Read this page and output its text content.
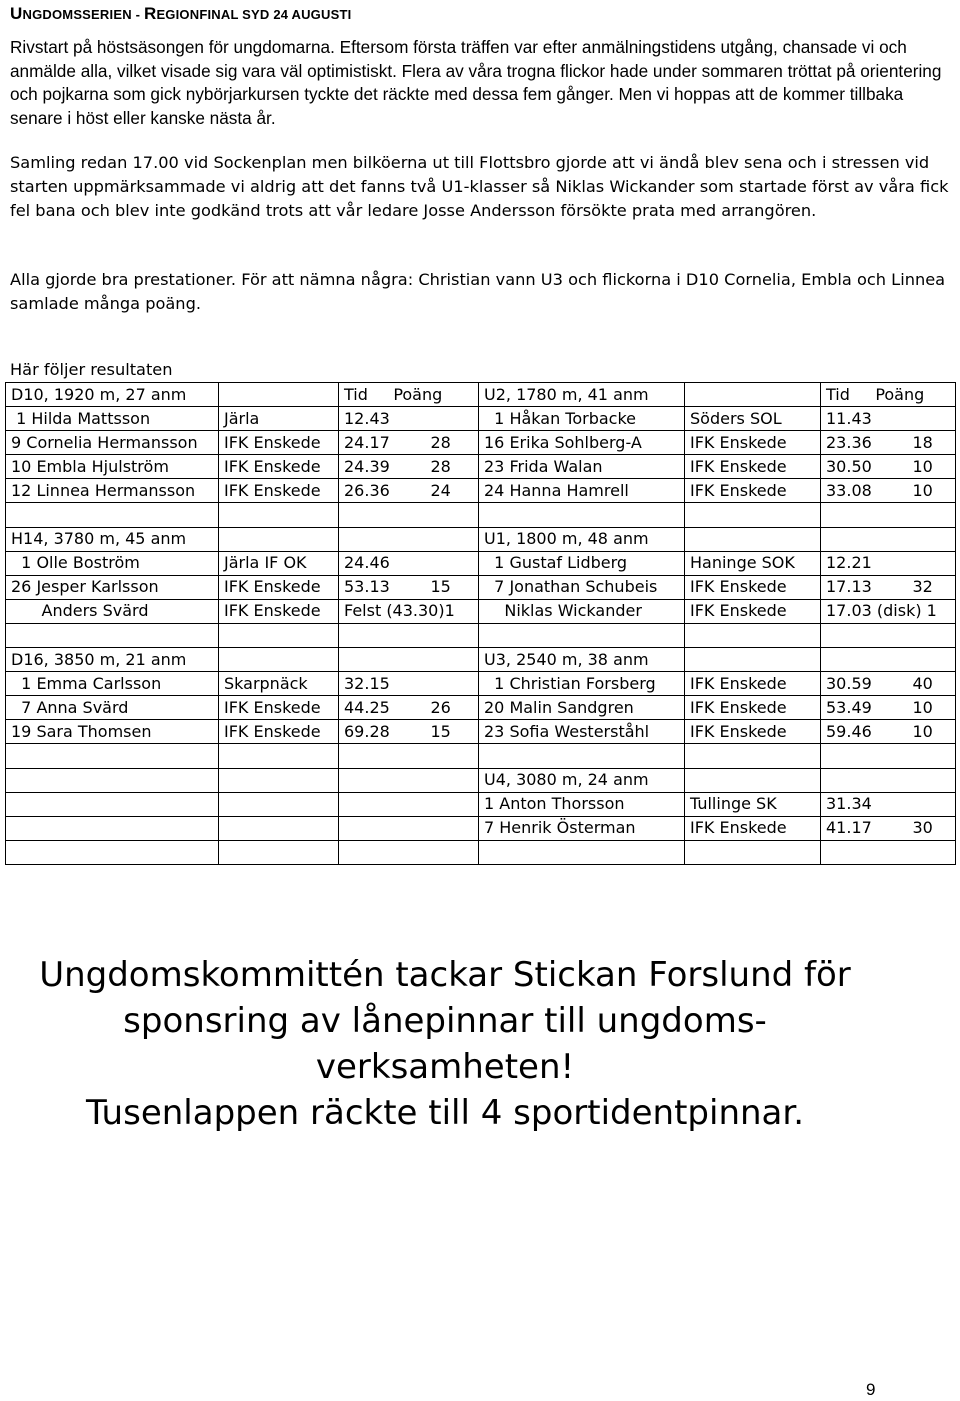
UNGDOMSSERIEN - REGIONFINAL SYD 24 AUGUSTI

Rivstart på höstsäsongen för ungdomarna. Eftersom första träffen var efter anmälningstidens utgång, chansade vi och anmälde alla, vilket visade sig vara väl optimistiskt. Flera av våra trogna flickor hade under sommaren tröttat på orientering och pojkarna som gick nybörjarkursen tyckte det räckte med dessa fem gånger. Men vi hoppas att de kommer tillbaka senare i höst eller kanske nästa år.

Samling redan 17.00 vid Sockenplan men bilköerna ut till Flottsbro gjorde att vi ändå blev sena och i stressen vid starten uppmärksammade vi aldrig att det fanns två U1-klasser så Niklas Wickander som startade först av våra fick fel bana och blev inte godkänd trots att vår ledare Josse Andersson försökte prata med arrangören.

Alla gjorde bra prestationer. För att nämna några: Christian vann U3 och flickorna i D10 Cornelia, Embla och Linnea samlade många poäng.

Här följer resultaten
D10, 1920 m, 27 anm		Tid     Poäng	U2, 1780 m, 41 anm		Tid     Poäng
1 Hilda Mattsson	Järla	12.43	1 Håkan Torbacke	Söders SOL	11.43
9 Cornelia Hermansson	IFK Enskede	24.17        28	16 Erika Sohlberg-A	IFK Enskede	23.36        18
10 Embla Hjulström	IFK Enskede	24.39        28	23 Frida Walan	IFK Enskede	30.50        10
12 Linnea Hermansson	IFK Enskede	26.36        24	24 Hanna Hamrell	IFK Enskede	33.08        10

H14, 3780 m, 45 anm			U1, 1800 m, 48 anm		
1 Olle Boström	Järla IF OK	24.46	1 Gustaf Lidberg	Haninge SOK	12.21
26 Jesper Karlsson	IFK Enskede	53.13        15	7 Jonathan Schubeis	IFK Enskede	17.13        32
Anders Svärd	IFK Enskede	Felst (43.30)1	Niklas Wickander	IFK Enskede	17.03 (disk) 1

D16, 3850 m, 21 anm			U3, 2540 m, 38 anm		
1 Emma Carlsson	Skarpnäck	32.15	1 Christian Forsberg	IFK Enskede	30.59        40
7 Anna Svärd	IFK Enskede	44.25        26	20 Malin Sandgren	IFK Enskede	53.49        10
19 Sara Thomsen	IFK Enskede	69.28        15	23 Sofia Westerståhl	IFK Enskede	59.46        10

			U4, 3080 m, 24 anm		
			1 Anton Thorsson	Tullinge SK	31.34
			7 Henrik Österman	IFK Enskede	41.17        30

Ungdomskommittén tackar Stickan Forslund för
sponsring av lånepinnar till ungdoms-
verksamheten!
Tusenlappen räckte till 4 sportidentpinnar.
9
